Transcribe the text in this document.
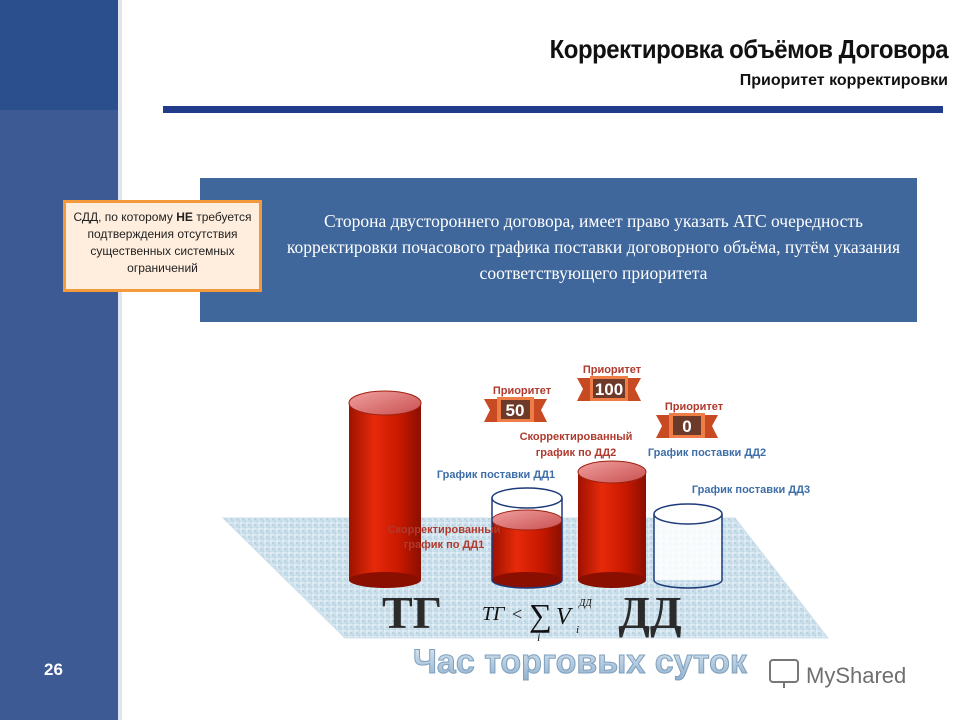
26
Корректировка объёмов Договора
Приоритет корректировки
Сторона двустороннего договора, имеет право указать АТС очередность корректировки почасового графика поставки договорного объёма, путём указания соответствующего приоритета
СДД, по которому НЕ требуется подтверждения отсутствия существенных системных ограничений
Приоритет
50
Приоритет
100
Приоритет
0
График поставки ДД1
Скорректированный
график по ДД1
Скорректированный
график по ДД2	График поставки ДД2
График поставки ДД3
ТГ	ДД
ТГ < ∑
i
V
ДД
i
Час торговых суток	MyShared
